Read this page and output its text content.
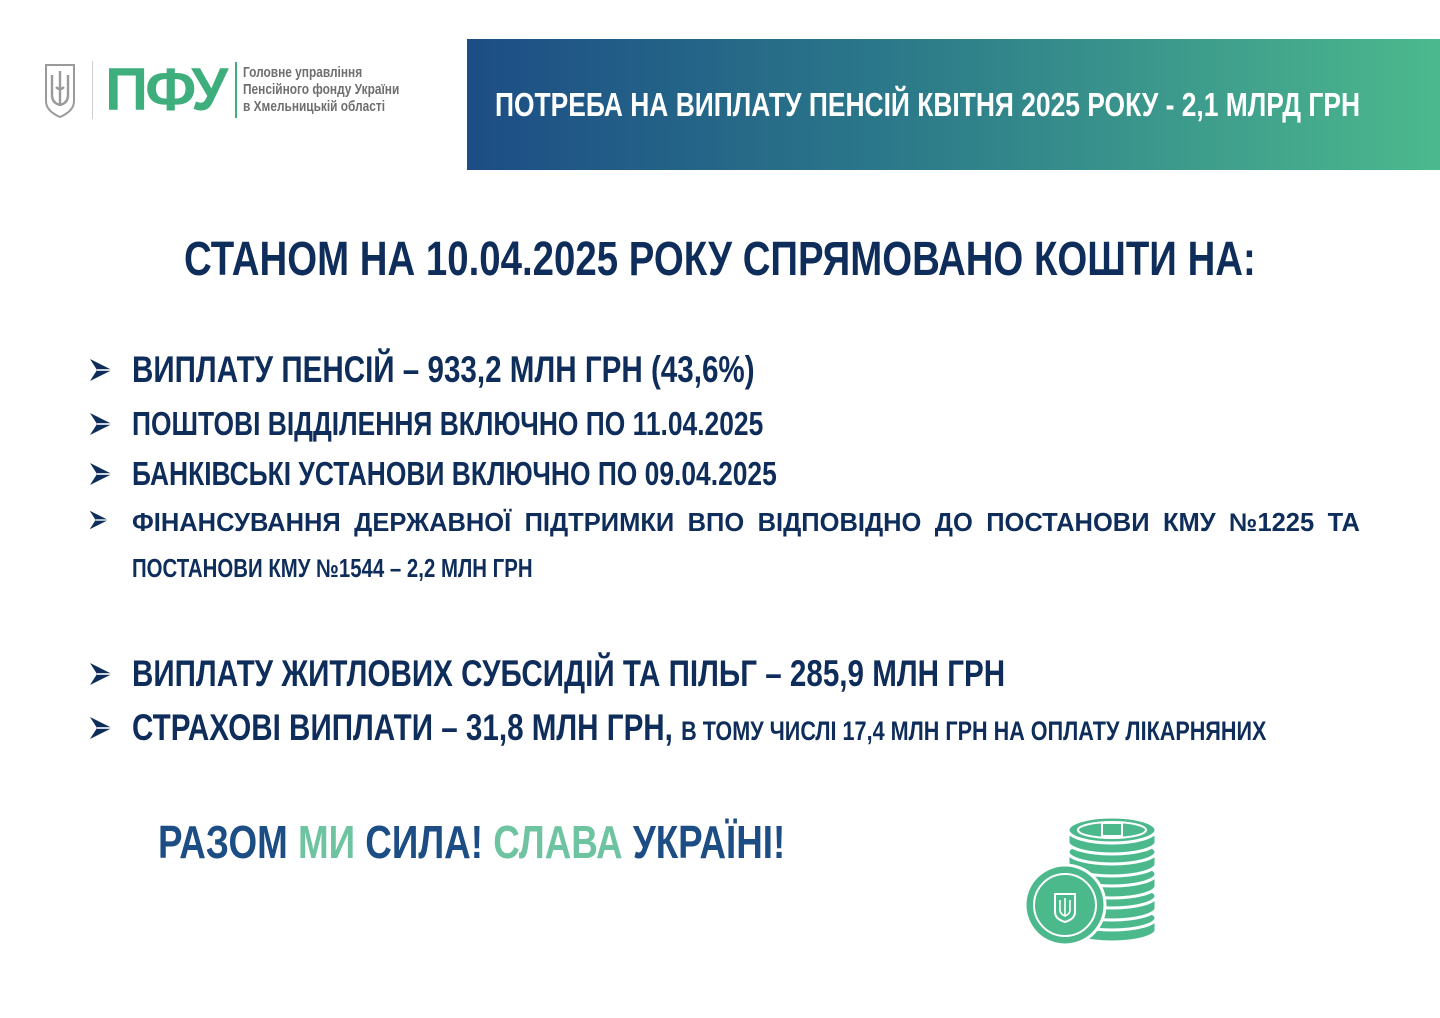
ПФУ Головне управління
Пенсійного фонду України
в Хмельницькій області	ПОТРЕБА НА ВИПЛАТУ ПЕНСІЙ КВІТНЯ 2025 РОКУ - 2,1 МЛРД ГРН
СТАНОМ НА 10.04.2025 РОКУ СПРЯМОВАНО КОШТИ НА:
ВИПЛАТУ ПЕНСІЙ – 933,2 МЛН ГРН (43,6%)
ПОШТОВІ ВІДДІЛЕННЯ ВКЛЮЧНО ПО 11.04.2025
БАНКІВСЬКІ УСТАНОВИ ВКЛЮЧНО ПО 09.04.2025
ФІНАНСУВАННЯ ДЕРЖАВНОЇ ПІДТРИМКИ ВПО ВІДПОВІДНО ДО ПОСТАНОВИ КМУ №1225 ТА
ПОСТАНОВИ КМУ №1544 – 2,2 МЛН ГРН
ВИПЛАТУ ЖИТЛОВИХ СУБСИДІЙ ТА ПІЛЬГ – 285,9 МЛН ГРН
СТРАХОВІ ВИПЛАТИ – 31,8 МЛН ГРН, В ТОМУ ЧИСЛІ 17,4 МЛН ГРН НА ОПЛАТУ ЛІКАРНЯНИХ
РАЗОМ МИ СИЛА! СЛАВА УКРАЇНІ!
